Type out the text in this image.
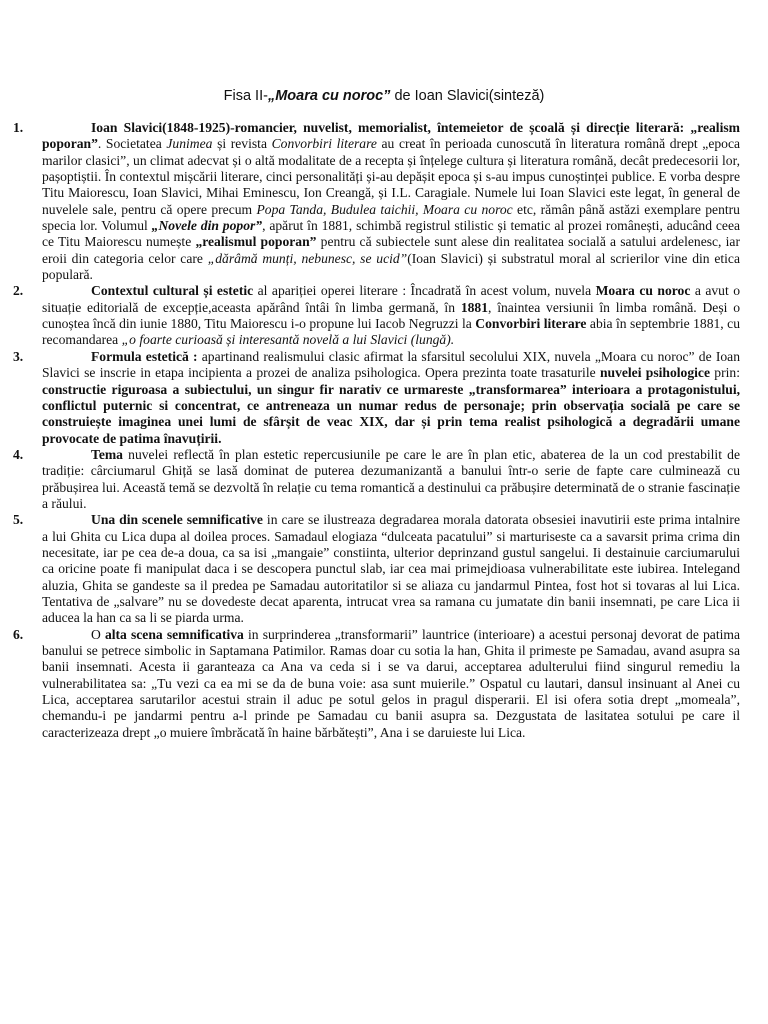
Fisa II-„Moara cu noroc” de Ioan Slavici(sinteză)
1.	Ioan Slavici(1848-1925)-romancier, nuvelist, memorialist, întemeietor de școală și direcție literară: „realism poporan”. Societatea Junimea și revista Convorbiri literare au creat în perioada cunoscută în literatura română drept „epoca marilor clasici”, un climat adecvat și o altă modalitate de a recepta și înțelege cultura și literatura română, decât predecesorii lor, pașoptiștii. În contextul mișcării literare, cinci personalități și-au depășit epoca și s-au impus cunoștinței publice. E vorba despre Titu Maiorescu, Ioan Slavici, Mihai Eminescu, Ion Creangă, și I.L. Caragiale. Numele lui Ioan Slavici este legat, în general de nuvelele sale, pentru că opere precum Popa Tanda, Budulea taichii, Moara cu noroc etc, rămân până astăzi exemplare pentru specia lor. Volumul „Novele din popor”, apărut în 1881, schimbă registrul stilistic și tematic al prozei românești, aducând ceea ce Titu Maiorescu numește „realismul poporan” pentru că subiectele sunt alese din realitatea socială a satului ardelenesc, iar eroii din categoria celor care „dărâmă munți, nebunesc, se ucid”(Ioan Slavici) și substratul moral al scrierilor vine din etica populară.
2.	Contextul cultural și estetic al apariției operei literare : Încadrată în acest volum, nuvela Moara cu noroc a avut o situație editorială de excepție,aceasta apărând întâi în limba germană, în 1881, înaintea versiunii în limba română. Deși o cunoștea încă din iunie 1880, Titu Maiorescu i-o propune lui Iacob Negruzzi la Convorbiri literare abia în septembrie 1881, cu recomandarea „o foarte curioasă și interesantă novelă a lui Slavici (lungă).
3.	Formula estetică : apartinand realismului clasic afirmat la sfarsitul secolului XIX, nuvela „Moara cu noroc” de Ioan Slavici se inscrie in etapa incipienta a prozei de analiza psihologica. Opera prezinta toate trasaturile nuvelei psihologice prin: constructie riguroasa a subiectului, un singur fir narativ ce urmareste „transformarea” interioara a protagonistului, conflictul puternic si concentrat, ce antreneaza un numar redus de personaje; prin observația socială pe care se construiește imaginea unei lumi de sfârșit de veac XIX, dar și prin tema realist psihologică a degradării umane provocate de patima înavuțirii.
4.	Tema nuvelei reflectă în plan estetic repercusiunile pe care le are în plan etic, abaterea de la un cod prestabilit de tradiție: cârciumarul Ghiță se lasă dominat de puterea dezumanizantă a banului într-o serie de fapte care culminează cu prăbușirea lui. Această temă se dezvoltă în relație cu tema romantică a destinului ca prăbușire determinată de o stranie fascinație a răului.
5.	Una din scenele semnificative in care se ilustreaza degradarea morala datorata obsesiei inavutirii este prima intalnire a lui Ghita cu Lica dupa al doilea proces. Samadaul elogiaza “dulceata pacatului” si marturiseste ca a savarsit prima crima din necesitate, iar pe cea de-a doua, ca sa isi „mangaie” constiinta, ulterior deprinzand gustul sangelui. Ii destainuie carciumarului ca oricine poate fi manipulat daca i se descopera punctul slab, iar cea mai primejdioasa vulnerabilitate este iubirea. Intelegand aluzia, Ghita se gandeste sa il predea pe Samadau autoritatilor si se aliaza cu jandarmul Pintea, fost hot si tovaras al lui Lica. Tentativa de „salvare” nu se dovedeste decat aparenta, intrucat vrea sa ramana cu jumatate din banii insemnati, pe care Lica ii aducea la han ca sa li se piarda urma.
6.	O alta scena semnificativa in surprinderea „transformarii” launtrice (interioare) a acestui personaj devorat de patima banului se petrece simbolic in Saptamana Patimilor. Ramas doar cu sotia la han, Ghita il primeste pe Samadau, avand asupra sa banii insemnati. Acesta ii garanteaza ca Ana va ceda si i se va darui, acceptarea adulterului fiind singurul remediu la vulnerabilitatea sa: „Tu vezi ca ea mi se da de buna voie: asa sunt muierile.” Ospatul cu lautari, dansul insinuant al Anei cu Lica, acceptarea sarutarilor acestui strain il aduc pe sotul gelos in pragul disperarii. El isi ofera sotia drept „momeala”, chemandu-i pe jandarmi pentru a-l prinde pe Samadau cu banii asupra sa. Dezgustata de lasitatea sotului pe care il caracterizeaza drept „o muiere îmbrăcată în haine bărbătești”, Ana i se daruieste lui Lica.
